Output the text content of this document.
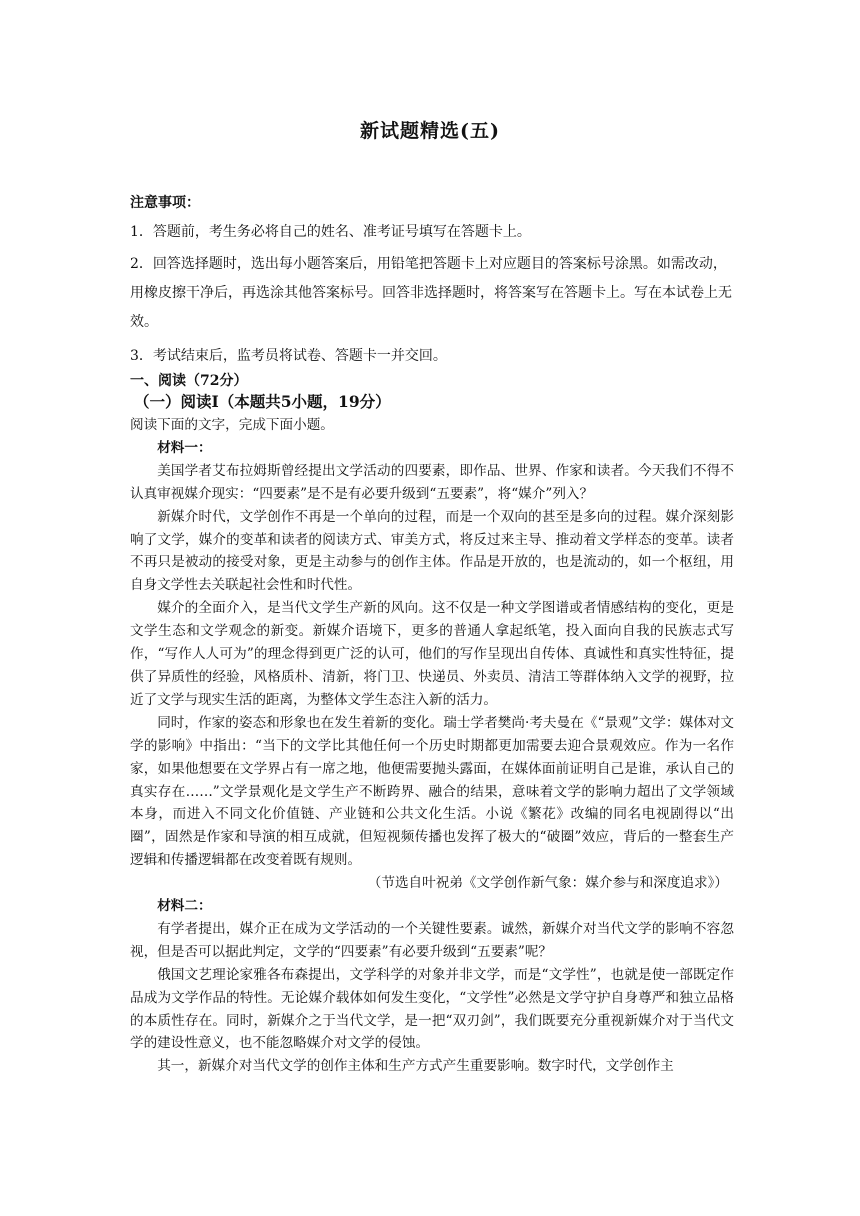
新试题精选(五)
注意事项：
1．答题前，考生务必将自己的姓名、准考证号填写在答题卡上。
2．回答选择题时，选出每小题答案后，用铅笔把答题卡上对应题目的答案标号涂黑。如需改动，用橡皮擦干净后，再选涂其他答案标号。回答非选择题时，将答案写在答题卡上。写在本试卷上无效。
3．考试结束后，监考员将试卷、答题卡一并交回。
一、阅读（72分）
（一）阅读Ⅰ（本题共5小题，19分）

阅读下面的文字，完成下面小题。

材料一：

美国学者艾布拉姆斯曾经提出文学活动的四要素，即作品、世界、作家和读者。今天我们不得不认真审视媒介现实：“四要素”是不是有必要升级到“五要素”，将“媒介”列入？

新媒介时代，文学创作不再是一个单向的过程，而是一个双向的甚至是多向的过程。媒介深刻影响了文学，媒介的变革和读者的阅读方式、审美方式，将反过来主导、推动着文学样态的变革。读者不再只是被动的接受对象，更是主动参与的创作主体。作品是开放的，也是流动的，如一个枢纽，用自身文学性去关联起社会性和时代性。

媒介的全面介入，是当代文学生产新的风向。这不仅是一种文学图谱或者情感结构的变化，更是文学生态和文学观念的新变。新媒介语境下，更多的普通人拿起纸笔，投入面向自我的民族志式写作，“写作人人可为”的理念得到更广泛的认可，他们的写作呈现出自传体、真诚性和真实性特征，提供了异质性的经验，风格质朴、清新，将门卫、快递员、外卖员、清洁工等群体纳入文学的视野，拉近了文学与现实生活的距离，为整体文学生态注入新的活力。

同时，作家的姿态和形象也在发生着新的变化。瑞士学者樊尚·考夫曼在《“景观”文学：媒体对文学的影响》中指出：“当下的文学比其他任何一个历史时期都更加需要去迎合景观效应。作为一名作家，如果他想要在文学界占有一席之地，他便需要抛头露面，在媒体面前证明自己是谁，承认自己的真实存在……”文学景观化是文学生产不断跨界、融合的结果，意味着文学的影响力超出了文学领域本身，而进入不同文化价值链、产业链和公共文化生活。小说《繁花》改编的同名电视剧得以“出圈”，固然是作家和导演的相互成就，但短视频传播也发挥了极大的“破圈”效应，背后的一整套生产逻辑和传播逻辑都在改变着既有规则。

（节选自叶祝弟《文学创作新气象：媒介参与和深度追求》）

材料二：

有学者提出，媒介正在成为文学活动的一个关键性要素。诚然，新媒介对当代文学的影响不容忽视，但是否可以据此判定，文学的“四要素”有必要升级到“五要素”呢？

俄国文艺理论家雅各布森提出，文学科学的对象并非文学，而是“文学性”，也就是使一部既定作品成为文学作品的特性。无论媒介载体如何发生变化，“文学性”必然是文学守护自身尊严和独立品格的本质性存在。同时，新媒介之于当代文学，是一把“双刃剑”，我们既要充分重视新媒介对于当代文学的建设性意义，也不能忽略媒介对文学的侵蚀。

其一，新媒介对当代文学的创作主体和生产方式产生重要影响。数字时代，文学创作主
